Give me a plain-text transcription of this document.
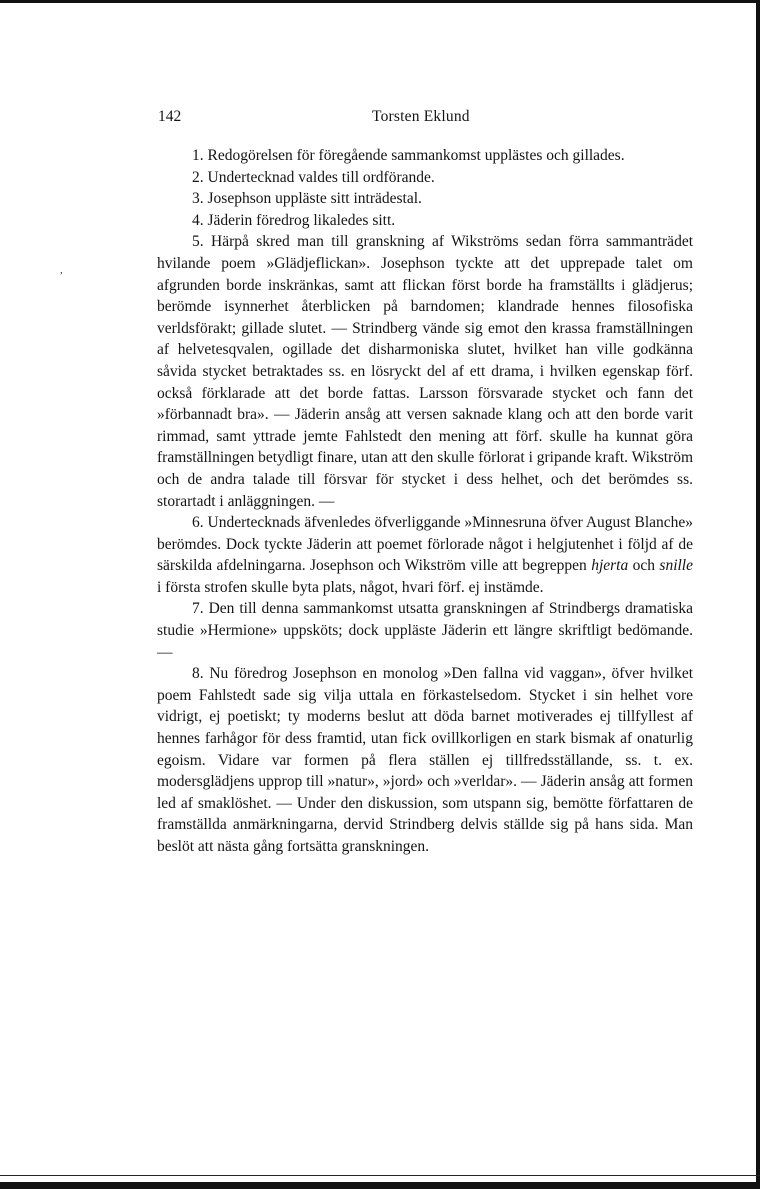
,
142	Torsten Eklund

1. Redogörelsen för föregående sammankomst upplästes och gillades.

2. Undertecknad valdes till ordförande.

3. Josephson uppläste sitt inträdestal.

4. Jäderin föredrog likaledes sitt.

5. Härpå skred man till granskning af Wikströms sedan förra sammanträdet hvilande poem »Glädjeflickan». Josephson tyckte att det upprepade talet om afgrunden borde inskränkas, samt att flickan först borde ha framställts i glädjerus; berömde isynnerhet återblicken på barndomen; klandrade hennes filosofiska verldsförakt; gillade slutet. — Strindberg vände sig emot den krassa framställningen af helvetesqvalen, ogillade det disharmoniska slutet, hvilket han ville godkänna såvida stycket betraktades ss. en lösryckt del af ett drama, i hvilken egenskap förf. också förklarade att det borde fattas. Larsson försvarade stycket och fann det »förbannadt bra». — Jäderin ansåg att versen saknade klang och att den borde varit rimmad, samt yttrade jemte Fahlstedt den mening att förf. skulle ha kunnat göra framställningen betydligt finare, utan att den skulle förlorat i gripande kraft. Wikström och de andra talade till försvar för stycket i dess helhet, och det berömdes ss. storartadt i anläggningen. —

6. Undertecknads äfvenledes öfverliggande »Minnesruna öfver August Blanche» berömdes. Dock tyckte Jäderin att poemet förlorade något i helgjutenhet i följd af de särskilda afdelningarna. Josephson och Wikström ville att begreppen hjerta och snille i första strofen skulle byta plats, något, hvari förf. ej instämde.

7. Den till denna sammankomst utsatta granskningen af Strindbergs dramatiska studie »Hermione» uppsköts; dock uppläste Jäderin ett längre skriftligt bedömande. —

8. Nu föredrog Josephson en monolog »Den fallna vid vaggan», öfver hvilket poem Fahlstedt sade sig vilja uttala en förkastelsedom. Stycket i sin helhet vore vidrigt, ej poetiskt; ty moderns beslut att döda barnet motiverades ej tillfyllest af hennes farhågor för dess framtid, utan fick ovillkorligen en stark bismak af onaturlig egoism. Vidare var formen på flera ställen ej tillfredsställande, ss. t. ex. modersglädjens upprop till »natur», »jord» och »verldar». — Jäderin ansåg att formen led af smaklöshet. — Under den diskussion, som utspann sig, bemötte författaren de framställda anmärkningarna, dervid Strindberg delvis ställde sig på hans sida. Man beslöt att nästa gång fortsätta granskningen.
